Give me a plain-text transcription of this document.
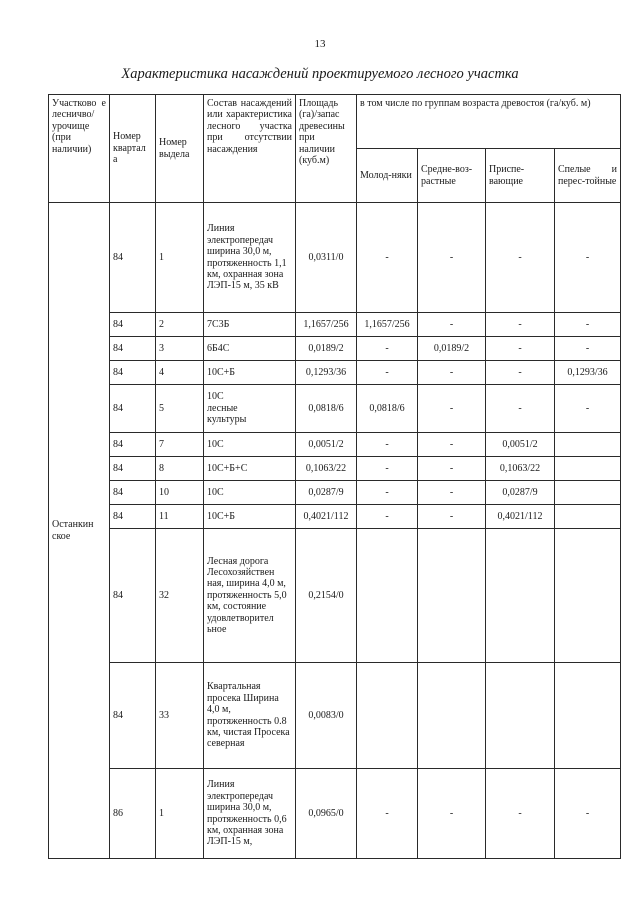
13
Характеристика насаждений проектируемого лесного участка
Участково е лесничво/ урочище (при наличии)	Номер квартал а	Номер выдела	Состав насаждений или характеристика лесного участка при отсутствии насаждения	Площадь (га)/запас древесины при наличии (куб.м)	в том числе по группам возраста древостоя (га/куб. м)			
					Молод-няки	Средне-воз-растные	Приспе-вающие	Спелые и перес-тойные
Останкин ское	84	1	Линия электропередач ширина 30,0 м, протяженность 1,1 км, охранная зона ЛЭП-15 м, 35 кВ	0,0311/0	-	-	-	-
	84	2	7С3Б	1,1657/256	1,1657/256	-	-	-
	84	3	6Б4С	0,0189/2	-	0,0189/2	-	-
	84	4	10С+Б	0,1293/36	-	-	-	0,1293/36
	84	5	10С
лесные
культуры	0,0818/6	0,0818/6	-	-	-
	84	7	10С	0,0051/2	-	-	0,0051/2	
	84	8	10С+Б+С	0,1063/22	-	-	0,1063/22	
	84	10	10С	0,0287/9	-	-	0,0287/9	
	84	11	10С+Б	0,4021/112	-	-	0,4021/112	
	84	32	Лесная дорога Лесохозяйствен ная, ширина 4,0 м, протяженность 5,0 км, состояние удовлетворител ьное	0,2154/0				
	84	33	Квартальная просека Ширина 4,0 м, протяженность 0.8 км, чистая Просека северная	0,0083/0				
	86	1	Линия электропередач ширина 30,0 м, протяженность 0,6 км, охранная зона ЛЭП-15 м,	0,0965/0	-	-	-	-
